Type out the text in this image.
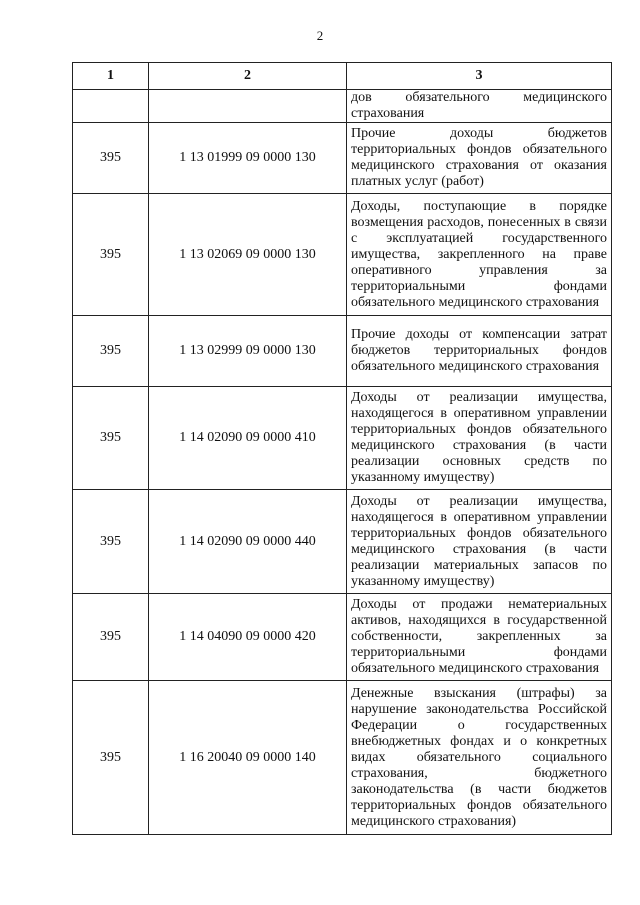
2
1	2	3
		дов обязательного медицинского страхования
395	1 13 01999 09 0000 130	Прочие доходы бюджетов территориальных фондов обязательного медицинского страхования от оказания платных услуг (работ)
395	1 13 02069 09 0000 130	Доходы, поступающие в порядке возмещения расходов, понесенных в связи с эксплуатацией государственного имущества, закрепленного на праве оперативного управления за территориальными фондами обязательного медицинского страхования
395	1 13 02999 09 0000 130	Прочие доходы от компенсации затрат бюджетов территориальных фондов обязательного медицинского страхования
395	1 14 02090 09 0000 410	Доходы от реализации имущества, находящегося в оперативном управлении территориальных фондов обязательного медицинского страхования (в части реализации основных средств по указанному имуществу)
395	1 14 02090 09 0000 440	Доходы от реализации имущества, находящегося в оперативном управлении территориальных фондов обязательного медицинского страхования (в части реализации материальных запасов по указанному имуществу)
395	1 14 04090 09 0000 420	Доходы от продажи нематериальных активов, находящихся в государственной собственности, закрепленных за территориальными фондами обязательного медицинского страхования
395	1 16 20040 09 0000 140	Денежные взыскания (штрафы) за нарушение законодательства Российской Федерации о государственных внебюджетных фондах и о конкретных видах обязательного социального страхования, бюджетного законодательства (в части бюджетов территориальных фондов обязательного медицинского страхования)
